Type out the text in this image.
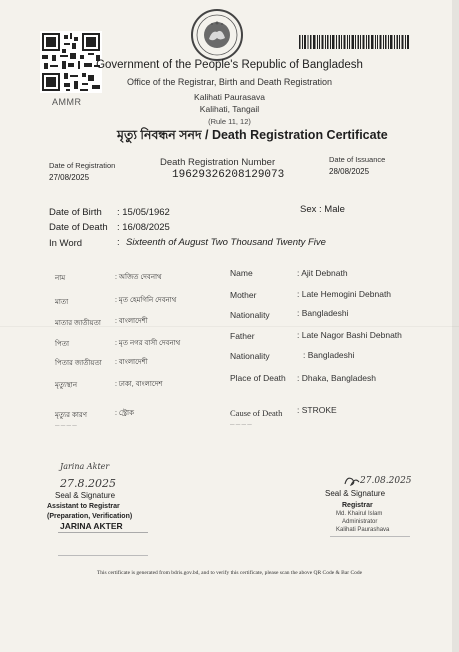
AMMR
Government of the People's Republic of Bangladesh
Office of the Registrar, Birth and Death Registration
Kalihati Paurasava
Kalihati, Tangail
(Rule 11, 12)
মৃত্যু নিবন্ধন সনদ / Death Registration Certificate
Date of Registration
27/08/2025
Death Registration Number
19629326208129073
Date of Issuance
28/08/2025
Date of Birth : 15/05/1962	Sex : Male
Date of Death : 16/08/2025
In Word	: Sixteenth of August Two Thousand Twenty Five
নাম	: অজিত দেবনাথ	Name	: Ajit Debnath
মাতা	: মৃত হেমগিনি দেবনাথ
Mother	: Late Hemogini Debnath
মাতার জাতীয়তা : বাংলাদেশী
Nationality	: Bangladeshi
পিতা	: মৃত নগর বাসী দেবনাথ
Father	: Late Nagor Bashi Debnath
পিতার জাতীয়তা : বাংলাদেশী
Nationality	: Bangladeshi
মৃত্যুস্থান	: ঢাকা, বাংলাদেশ
Place of Death : Dhaka, Bangladesh
মৃত্যুর কারণ	: স্ট্রোক	Cause of Death : STROKE
— — — —	— — — —
Jarina Akter
27.8.2025
Seal & Signature
Assistant to Registrar
(Preparation, Verification)
JARINA AKTER
27.08.2025
Seal & Signature
Registrar
Md. Khairul Islam
Administrator
Kalihati Paurashava
This certificate is generated from bdris.gov.bd, and to verify this certificate, please scan the above QR Code & Bar Code
